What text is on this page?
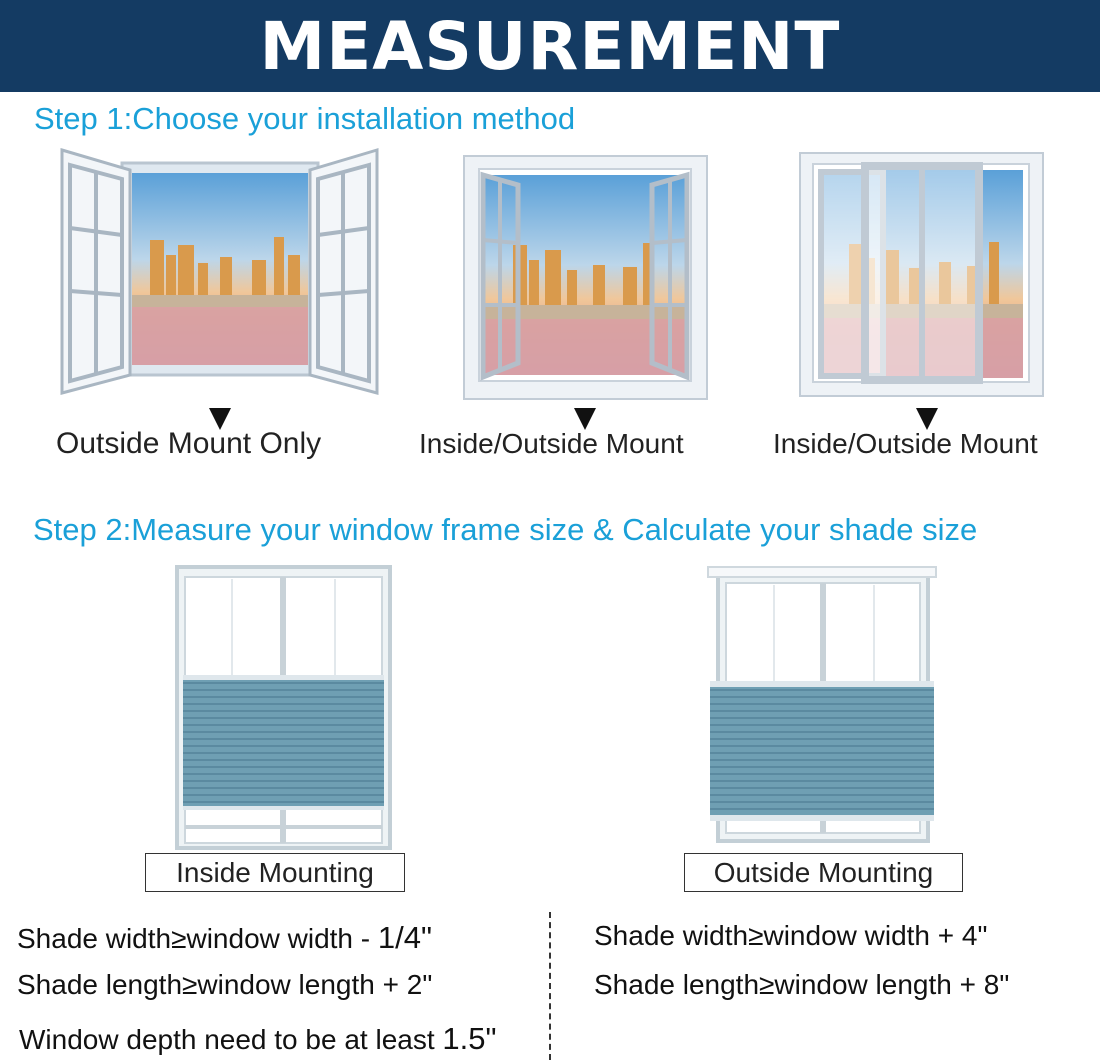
MEASUREMENT
Step 1:Choose your installation method
Outside Mount Only	Inside/Outside Mount	Inside/Outside Mount
Step 2:Measure your window frame size & Calculate your shade size
Inside Mounting	Outside Mounting
Shade width≥window width - 1/4"
Shade length≥window length + 2"
Window depth need to be at least 1.5"
Shade width≥window width + 4"
Shade length≥window length + 8"
